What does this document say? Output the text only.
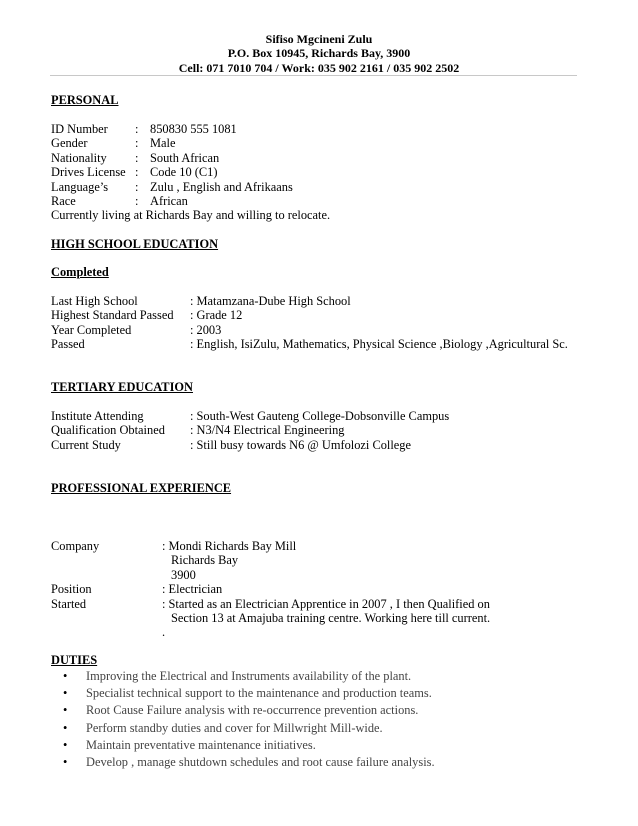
Sifiso Mgcineni Zulu
P.O. Box 10945, Richards Bay, 3900
Cell: 071 7010 704 / Work: 035 902 2161 / 035 902 2502
PERSONAL
ID Number : 850830 555 1081
Gender	: Male
Nationality : South African
Drives License : Code 10 (C1)
Language’s : Zulu , English and Afrikaans
Race	: African
Currently living at Richards Bay and willing to relocate.
HIGH SCHOOL EDUCATION
Completed
Last High School	: Matamzana-Dube High School
Highest Standard Passed : Grade 12
Year Completed	: 2003
Passed	: English, IsiZulu, Mathematics, Physical Science ,Biology ,Agricultural Sc.
TERTIARY EDUCATION
Institute Attending	: South-West Gauteng College-Dobsonville Campus
Qualification Obtained : N3/N4 Electrical Engineering
Current Study	: Still busy towards N6 @ Umfolozi College
PROFESSIONAL EXPERIENCE
Company	: Mondi Richards Bay Mill
Richards Bay
3900
Position	: Electrician
Started	: Started as an Electrician Apprentice in 2007 , I then Qualified on
Section 13 at Amajuba training centre. Working here till current.
.
DUTIES
• Improving the Electrical and Instruments availability of the plant.
• Specialist technical support to the maintenance and production teams.
• Root Cause Failure analysis with re-occurrence prevention actions.
• Perform standby duties and cover for Millwright Mill-wide.
• Maintain preventative maintenance initiatives.
• Develop , manage shutdown schedules and root cause failure analysis.
